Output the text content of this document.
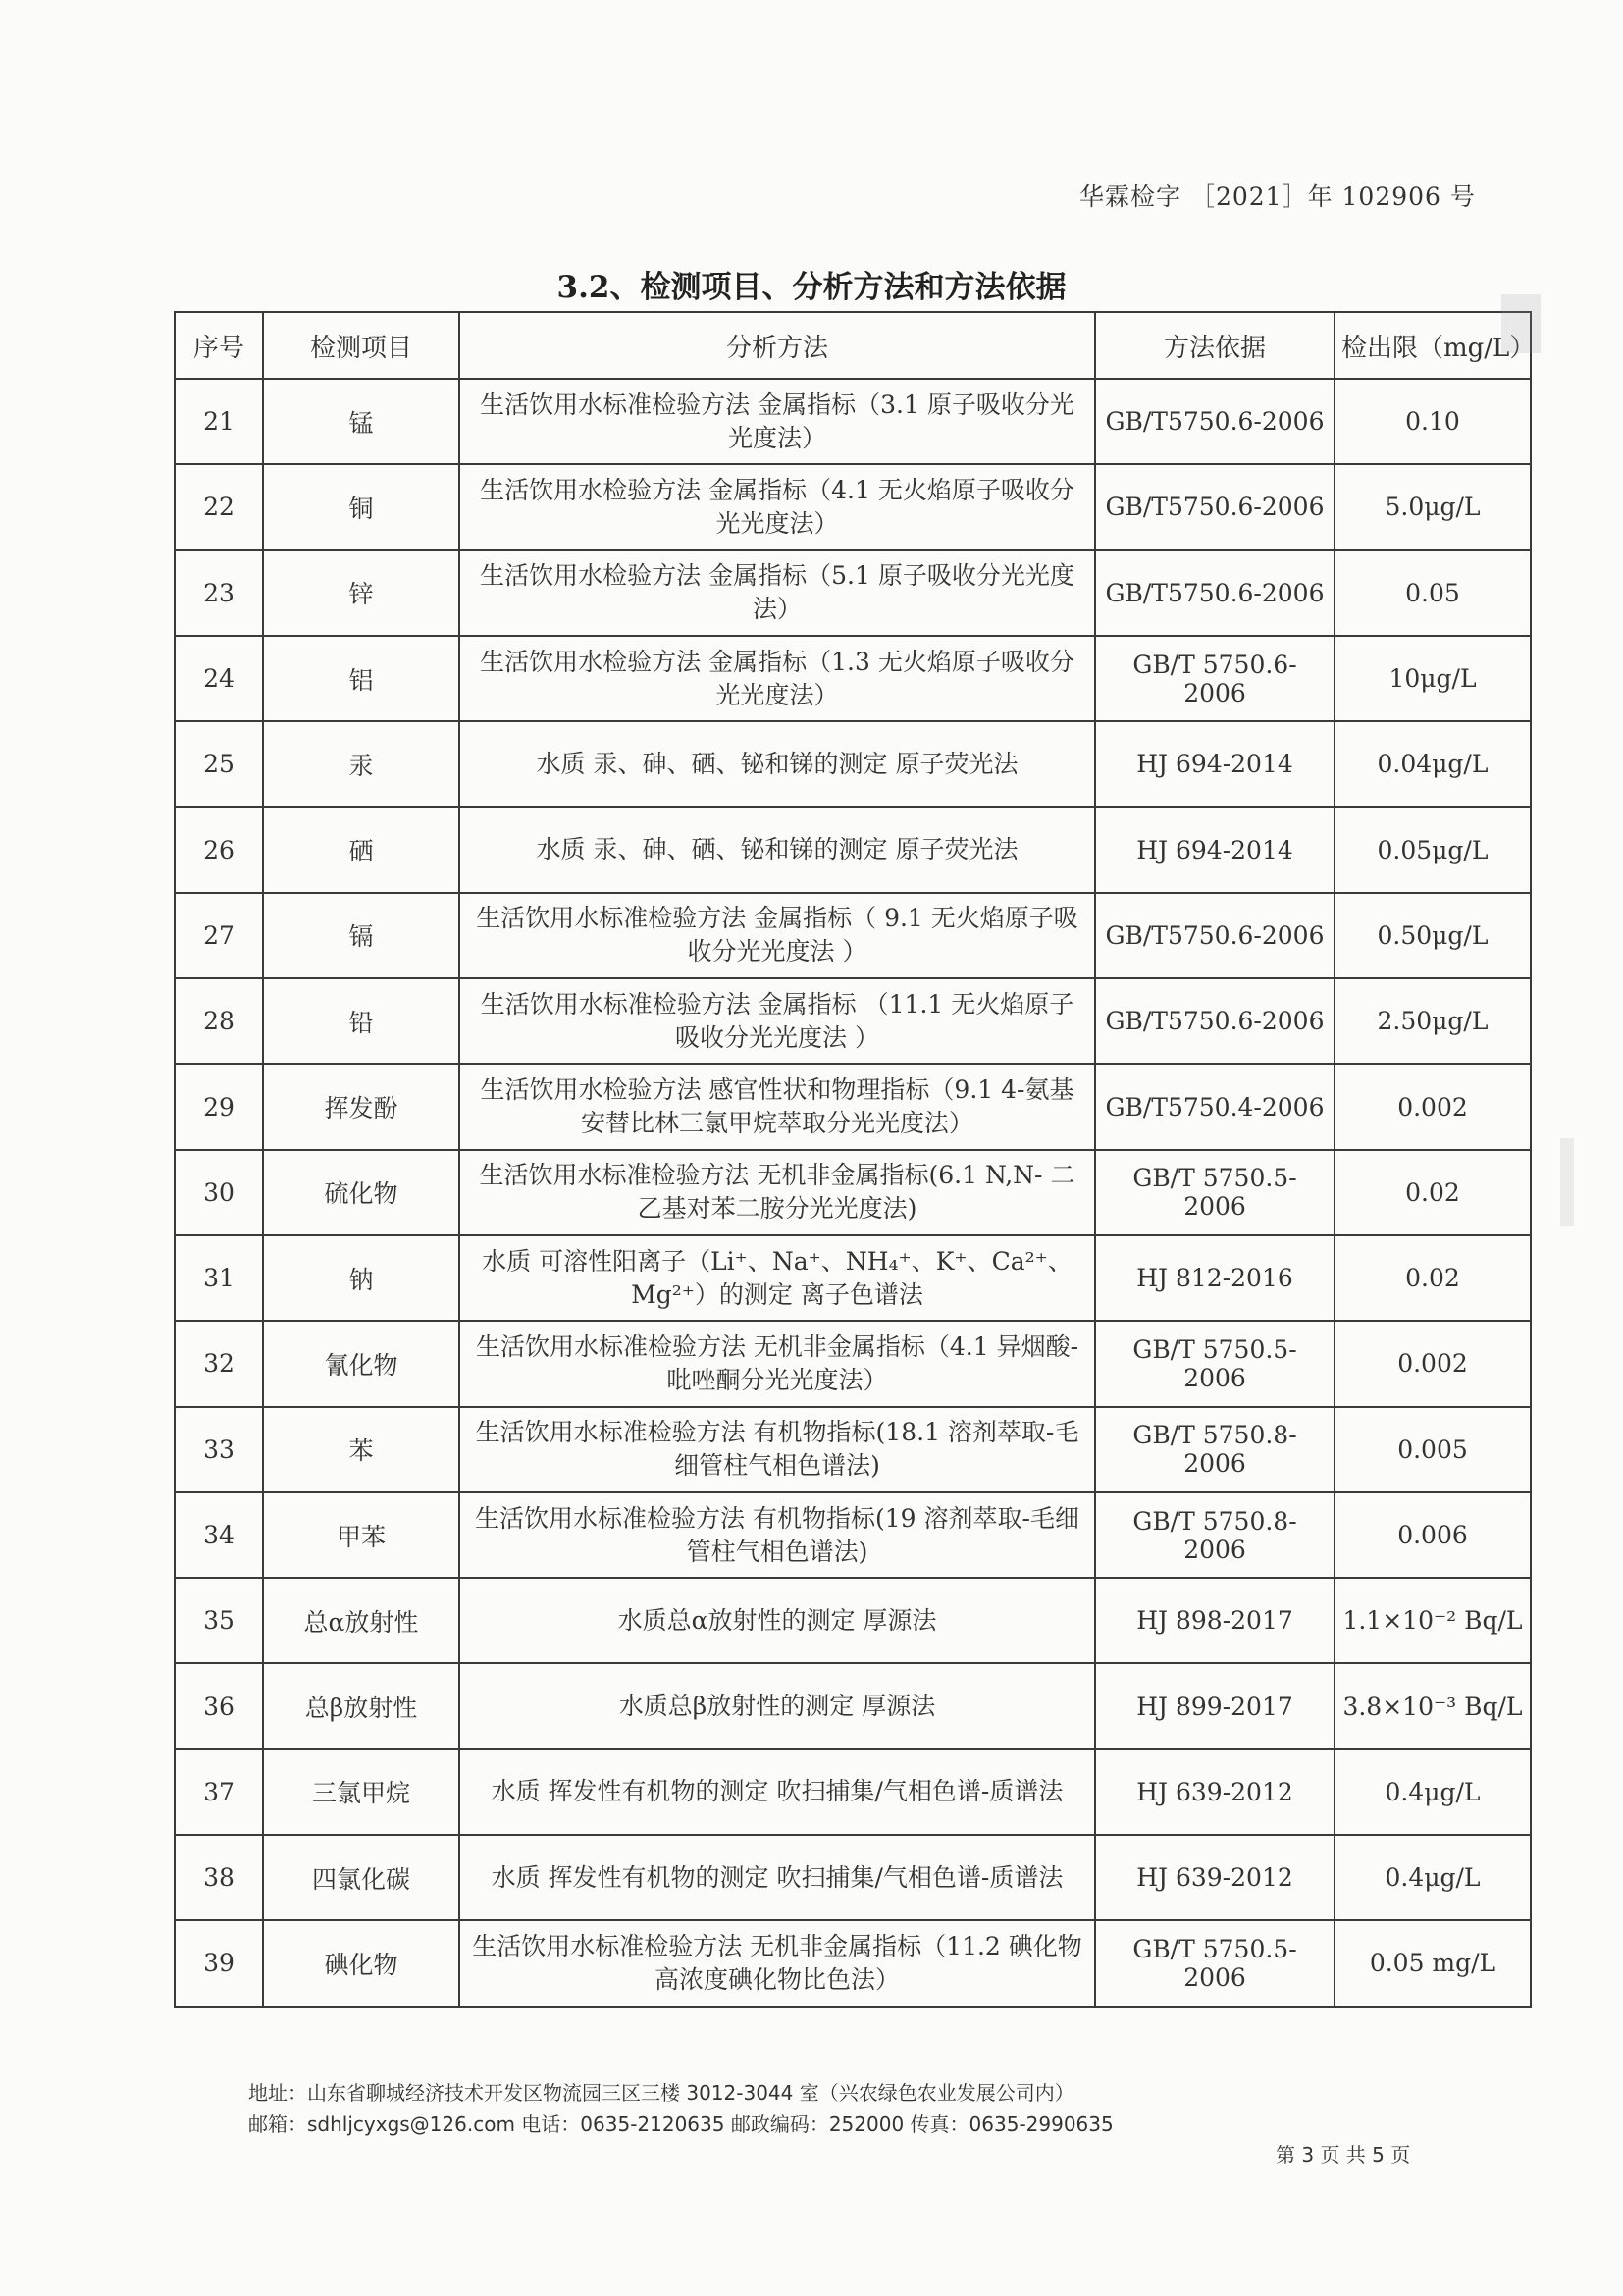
华霖检字 ［2021］年 102906 号
3.2、检测项目、分析方法和方法依据
序号	检测项目	分析方法	方法依据	检出限（mg/L）
21	锰	生活饮用水标准检验方法 金属指标（3.1 原子吸收分光光度法）	GB/T5750.6-2006	0.10
22	铜	生活饮用水检验方法 金属指标（4.1 无火焰原子吸收分光光度法）	GB/T5750.6-2006	5.0μg/L
23	锌	生活饮用水检验方法 金属指标（5.1 原子吸收分光光度法）	GB/T5750.6-2006	0.05
24	铝	生活饮用水检验方法 金属指标（1.3 无火焰原子吸收分光光度法）	GB/T 5750.6-2006	10μg/L
25	汞	水质 汞、砷、硒、铋和锑的测定 原子荧光法	HJ 694-2014	0.04μg/L
26	硒	水质 汞、砷、硒、铋和锑的测定 原子荧光法	HJ 694-2014	0.05μg/L
27	镉	生活饮用水标准检验方法 金属指标（ 9.1 无火焰原子吸收分光光度法 ）	GB/T5750.6-2006	0.50μg/L
28	铅	生活饮用水标准检验方法 金属指标 （11.1 无火焰原子吸收分光光度法 ）	GB/T5750.6-2006	2.50μg/L
29	挥发酚	生活饮用水检验方法 感官性状和物理指标（9.1 4-氨基安替比林三氯甲烷萃取分光光度法）	GB/T5750.4-2006	0.002
30	硫化物	生活饮用水标准检验方法 无机非金属指标(6.1 N,N- 二乙基对苯二胺分光光度法)	GB/T 5750.5-2006	0.02
31	钠	水质 可溶性阳离子（Li⁺、Na⁺、NH₄⁺、K⁺、Ca²⁺、Mg²⁺）的测定 离子色谱法	HJ 812-2016	0.02
32	氰化物	生活饮用水标准检验方法 无机非金属指标（4.1 异烟酸-吡唑酮分光光度法）	GB/T 5750.5-2006	0.002
33	苯	生活饮用水标准检验方法 有机物指标(18.1 溶剂萃取-毛细管柱气相色谱法)	GB/T 5750.8-2006	0.005
34	甲苯	生活饮用水标准检验方法 有机物指标(19 溶剂萃取-毛细管柱气相色谱法)	GB/T 5750.8-2006	0.006
35	总α放射性	水质总α放射性的测定 厚源法	HJ 898-2017	1.1×10⁻² Bq/L
36	总β放射性	水质总β放射性的测定 厚源法	HJ 899-2017	3.8×10⁻³ Bq/L
37	三氯甲烷	水质 挥发性有机物的测定 吹扫捕集/气相色谱-质谱法	HJ 639-2012	0.4μg/L
38	四氯化碳	水质 挥发性有机物的测定 吹扫捕集/气相色谱-质谱法	HJ 639-2012	0.4μg/L
39	碘化物	生活饮用水标准检验方法 无机非金属指标（11.2 碘化物 高浓度碘化物比色法）	GB/T 5750.5-2006	0.05 mg/L
地址：山东省聊城经济技术开发区物流园三区三楼 3012-3044 室（兴农绿色农业发展公司内）
邮箱：sdhljcyxgs@126.com 电话：0635-2120635 邮政编码：252000 传真：0635-2990635
第 3 页 共 5 页
